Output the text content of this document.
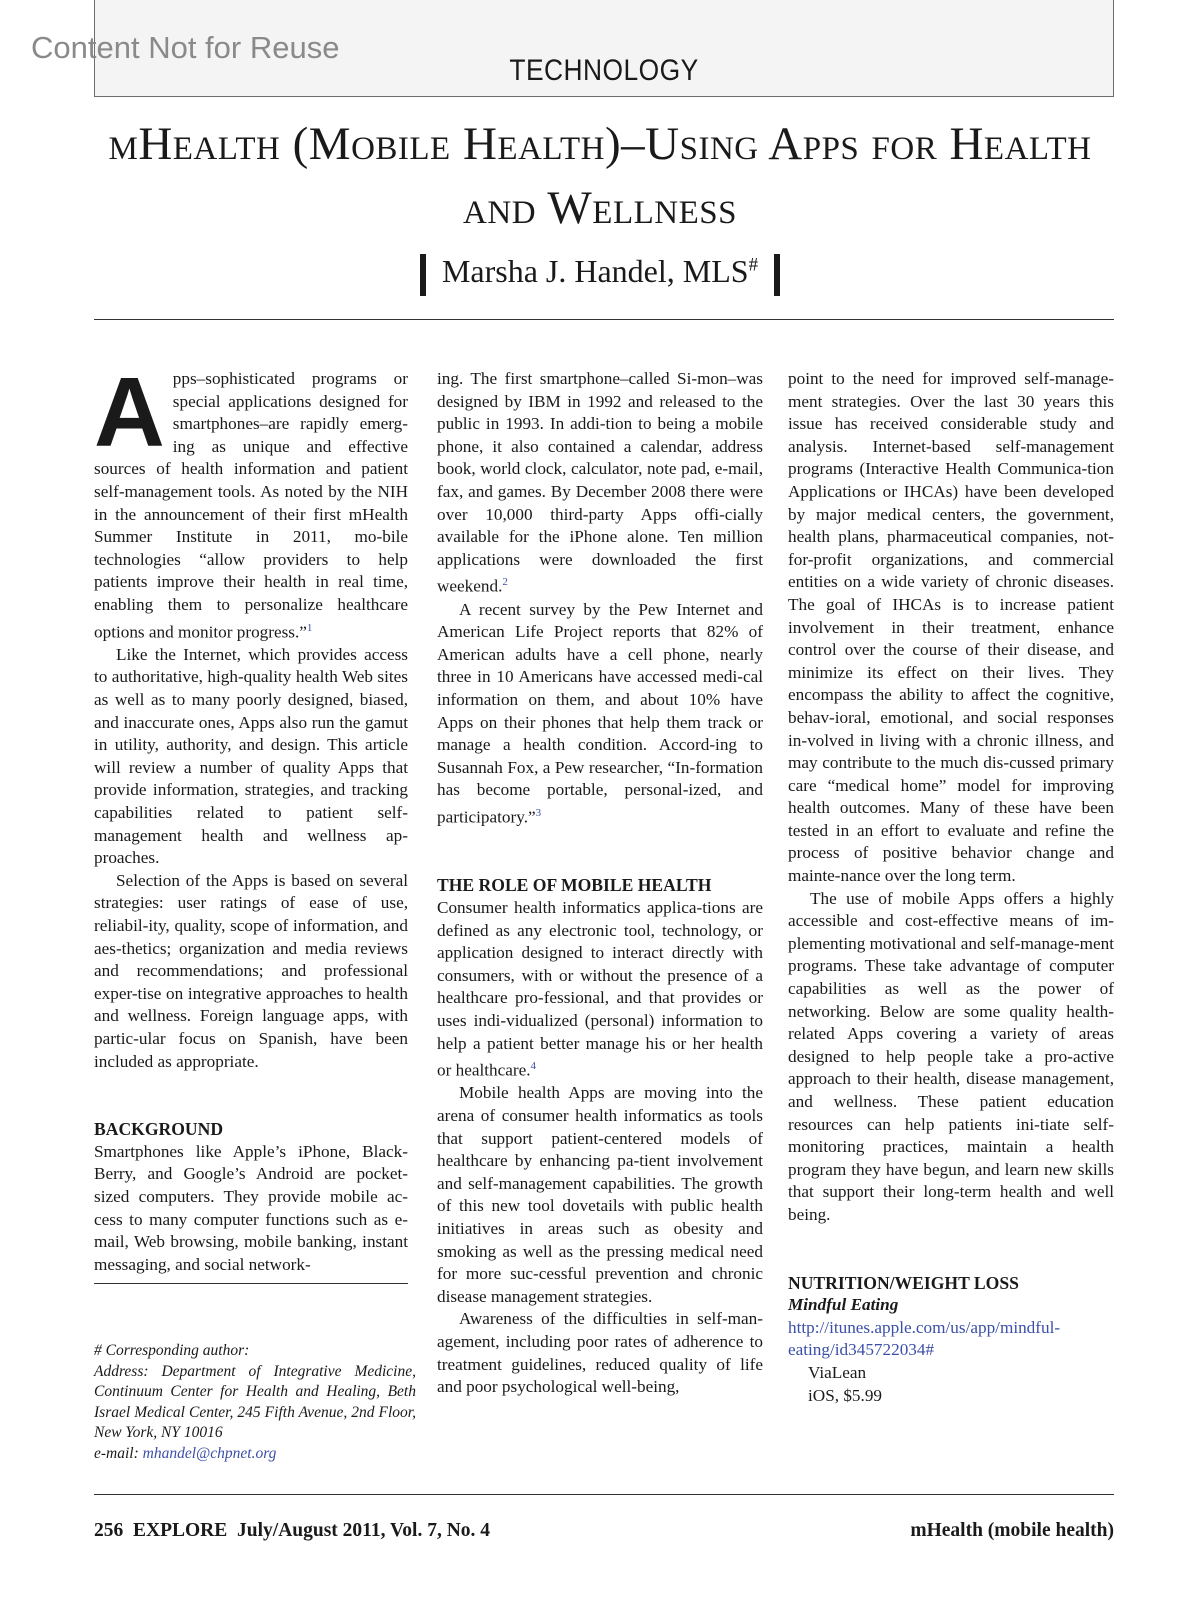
TECHNOLOGY
Content Not for Reuse
mHealth (Mobile Health)–Using Apps for Health
and Wellness
Marsha J. Handel, MLS#

Apps–sophisticated programs or special applications designed for smartphones–are rapidly emerg-ing as unique and effective sources of health information and patient self-management tools. As noted by the NIH in the announcement of their first mHealth Summer Institute in 2011, mo-bile technologies “allow providers to help patients improve their health in real time, enabling them to personalize healthcare options and monitor progress.”$^1$

Like the Internet, which provides access to authoritative, high-quality health Web sites as well as to many poorly designed, biased, and inaccurate ones, Apps also run the gamut in utility, authority, and design. This article will review a number of quality Apps that provide information, strategies, and tracking capabilities related to patient self-management health and wellness ap-proaches.

Selection of the Apps is based on several strategies: user ratings of ease of use, reliabil-ity, quality, scope of information, and aes-thetics; organization and media reviews and recommendations; and professional exper-tise on integrative approaches to health and wellness. Foreign language apps, with partic-ular focus on Spanish, have been included as appropriate.

BACKGROUND

Smartphones like Apple’s iPhone, Black-Berry, and Google’s Android are pocket-sized computers. They provide mobile ac-cess to many computer functions such as e-mail, Web browsing, mobile banking, instant messaging, and social network-

# Corresponding author:
Address: Department of Integrative Medicine, Continuum Center for Health and Healing, Beth Israel Medical Center, 245 Fifth Avenue, 2nd Floor, New York, NY 10016
e-mail: mhandel@chpnet.org

ing. The first smartphone–called Si-mon–was designed by IBM in 1992 and released to the public in 1993. In addi-tion to being a mobile phone, it also contained a calendar, address book, world clock, calculator, note pad, e-mail, fax, and games. By December 2008 there were over 10,000 third-party Apps offi-cially available for the iPhone alone. Ten million applications were downloaded the first weekend.$^2$

A recent survey by the Pew Internet and American Life Project reports that 82% of American adults have a cell phone, nearly three in 10 Americans have accessed medi-cal information on them, and about 10% have Apps on their phones that help them track or manage a health condition. Accord-ing to Susannah Fox, a Pew researcher, “In-formation has become portable, personal-ized, and participatory.”$^3$

THE ROLE OF MOBILE HEALTH

Consumer health informatics applica-tions are defined as any electronic tool, technology, or application designed to interact directly with consumers, with or without the presence of a healthcare pro-fessional, and that provides or uses indi-vidualized (personal) information to help a patient better manage his or her health or healthcare.$^4$

Mobile health Apps are moving into the arena of consumer health informatics as tools that support patient-centered models of healthcare by enhancing pa-tient involvement and self-management capabilities. The growth of this new tool dovetails with public health initiatives in areas such as obesity and smoking as well as the pressing medical need for more suc-cessful prevention and chronic disease management strategies.

Awareness of the difficulties in self-man-agement, including poor rates of adherence to treatment guidelines, reduced quality of life and poor psychological well-being,

point to the need for improved self-manage-ment strategies. Over the last 30 years this issue has received considerable study and analysis. Internet-based self-management programs (Interactive Health Communica-tion Applications or IHCAs) have been developed by major medical centers, the government, health plans, pharmaceutical companies, not-for-profit organizations, and commercial entities on a wide variety of chronic diseases. The goal of IHCAs is to increase patient involvement in their treatment, enhance control over the course of their disease, and minimize its effect on their lives. They encompass the ability to affect the cognitive, behav-ioral, emotional, and social responses in-volved in living with a chronic illness, and may contribute to the much dis-cussed primary care “medical home” model for improving health outcomes. Many of these have been tested in an effort to evaluate and refine the process of positive behavior change and mainte-nance over the long term.

The use of mobile Apps offers a highly accessible and cost-effective means of im-plementing motivational and self-manage-ment programs. These take advantage of computer capabilities as well as the power of networking. Below are some quality health-related Apps covering a variety of areas designed to help people take a pro-active approach to their health, disease management, and wellness. These patient education resources can help patients ini-tiate self-monitoring practices, maintain a health program they have begun, and learn new skills that support their long-term health and well being.

NUTRITION/WEIGHT LOSS
Mindful Eating
http://itunes.apple.com/us/app/mindful-eating/id345722034#
ViaLean
iOS, $5.99
256 EXPLORE July/August 2011, Vol. 7, No. 4	mHealth (mobile health)
